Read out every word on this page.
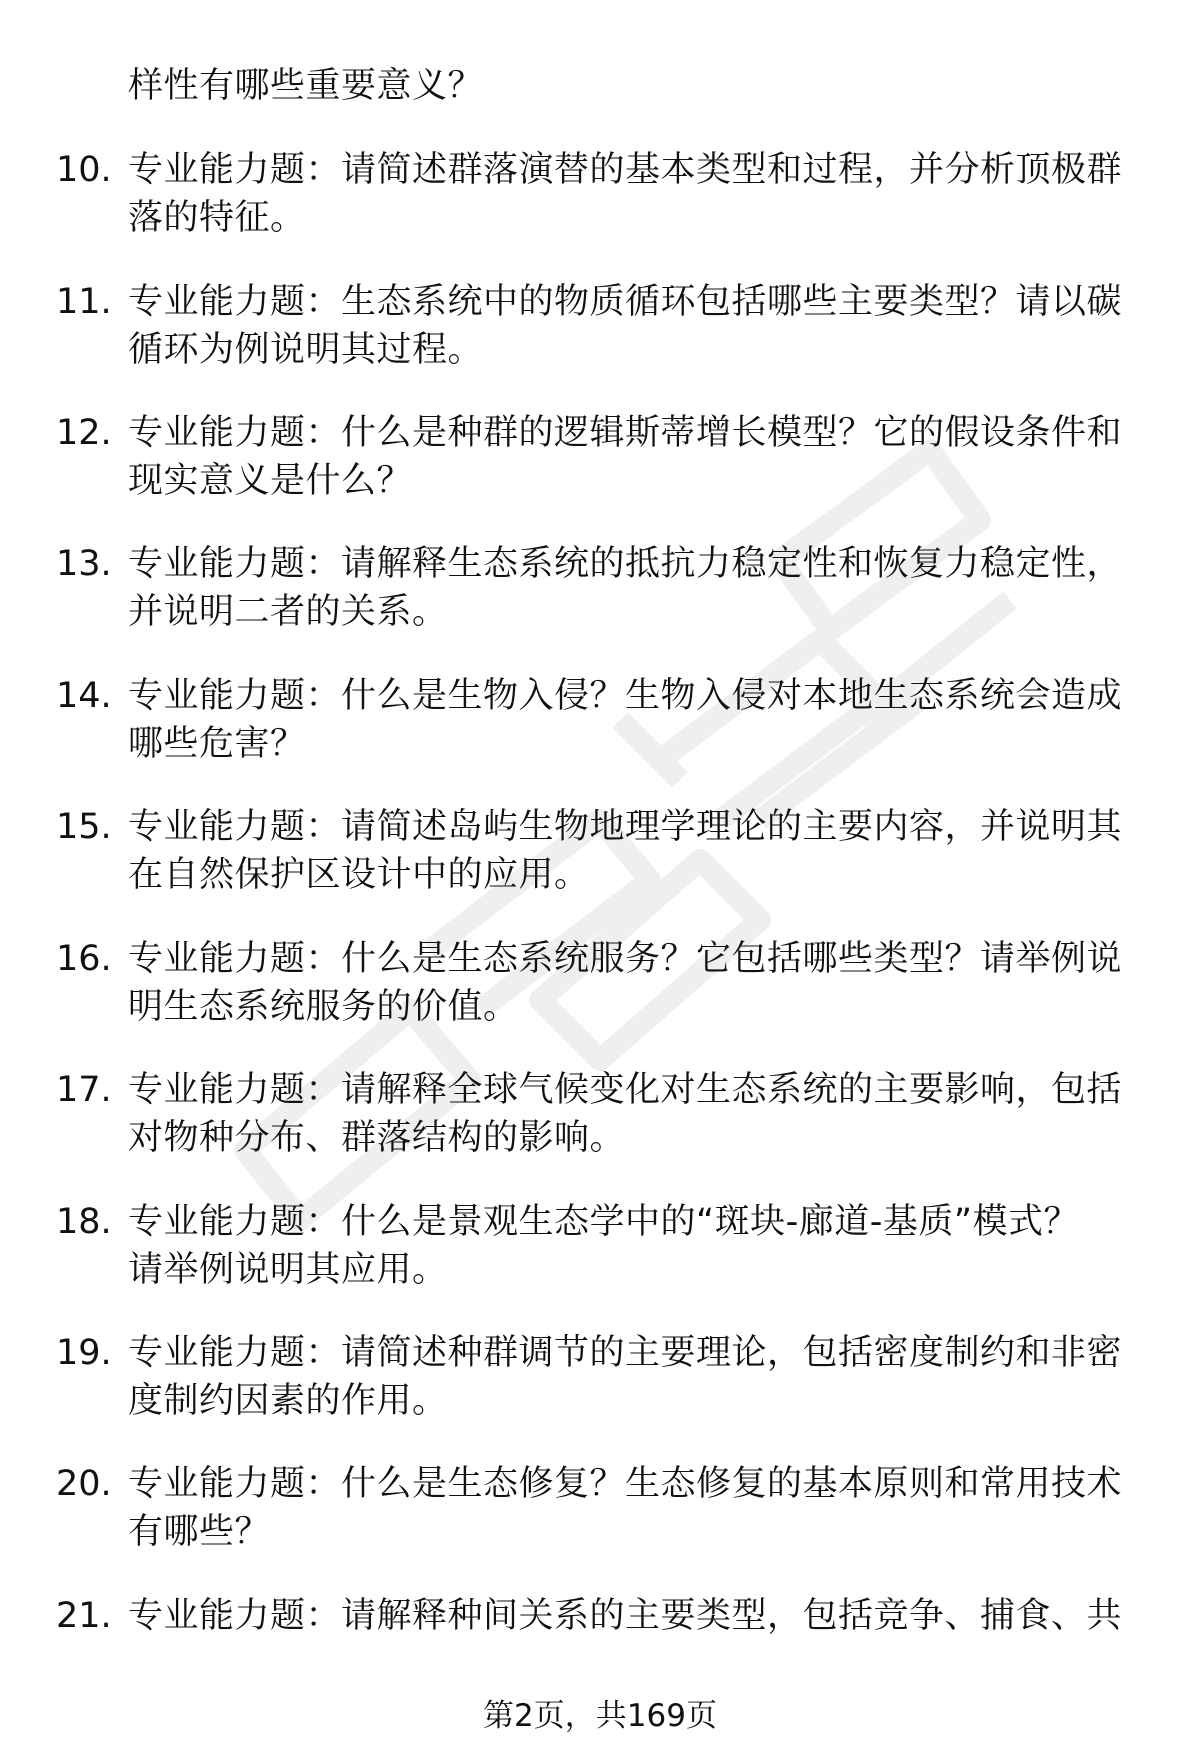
样性有哪些重要意义？
10. 专业能力题：请简述群落演替的基本类型和过程，并分析顶极群
落的特征。
11. 专业能力题：生态系统中的物质循环包括哪些主要类型？请以碳
循环为例说明其过程。
12. 专业能力题：什么是种群的逻辑斯蒂增长模型？它的假设条件和
现实意义是什么？
13. 专业能力题：请解释生态系统的抵抗力稳定性和恢复力稳定性，
并说明二者的关系。
14. 专业能力题：什么是生物入侵？生物入侵对本地生态系统会造成
哪些危害？
15. 专业能力题：请简述岛屿生物地理学理论的主要内容，并说明其
在自然保护区设计中的应用。
16. 专业能力题：什么是生态系统服务？它包括哪些类型？请举例说
明生态系统服务的价值。
17. 专业能力题：请解释全球气候变化对生态系统的主要影响，包括
对物种分布、群落结构的影响。
18. 专业能力题：什么是景观生态学中的“斑块-廊道-基质”模式？
请举例说明其应用。
19. 专业能力题：请简述种群调节的主要理论，包括密度制约和非密
度制约因素的作用。
20. 专业能力题：什么是生态修复？生态修复的基本原则和常用技术
有哪些？
21. 专业能力题：请解释种间关系的主要类型，包括竞争、捕食、共
第2页，共169页
